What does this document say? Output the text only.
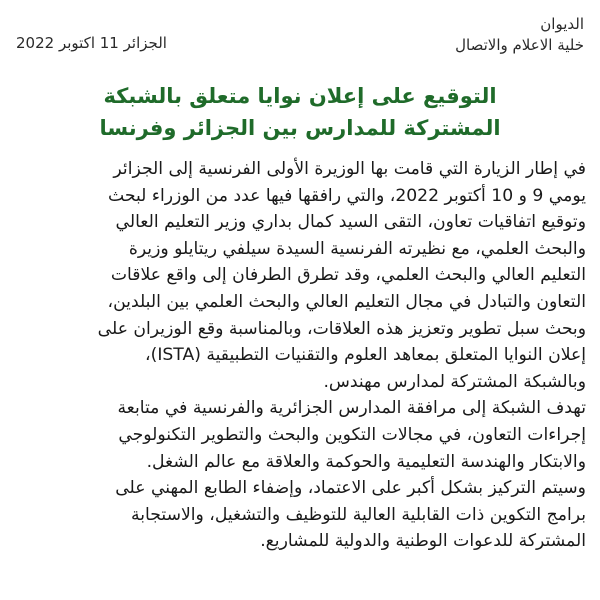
الديوان
خلية الاعلام والاتصال
الجزائر 11 اكتوبر 2022
التوقيع على إعلان نوايا متعلق بالشبكة
المشتركة للمدارس بين الجزائر وفرنسا
في إطار الزيارة التي قامت بها الوزيرة الأولى الفرنسية إلى الجزائر
يومي 9 و 10 أكتوبر 2022، والتي رافقها فيها عدد من الوزراء لبحث
وتوقيع اتفاقيات تعاون، التقى السيد كمال بداري وزير التعليم العالي
والبحث العلمي، مع نظيرته الفرنسية السيدة سيلفي ريتايلو وزيرة
التعليم العالي والبحث العلمي، وقد تطرق الطرفان إلى واقع علاقات
التعاون والتبادل في مجال التعليم العالي والبحث العلمي بين البلدين،
وبحث سبل تطوير وتعزيز هذه العلاقات، وبالمناسبة وقع الوزيران على
إعلان النوايا المتعلق بمعاهد العلوم والتقنيات التطبيقية (ISTA)،
وبالشبكة المشتركة لمدارس مهندس.
تهدف الشبكة إلى مرافقة المدارس الجزائرية والفرنسية في متابعة
إجراءات التعاون، في مجالات التكوين والبحث والتطوير التكنولوجي
والابتكار والهندسة التعليمية والحوكمة والعلاقة مع عالم الشغل.
وسيتم التركيز بشكل أكبر على الاعتماد، وإضفاء الطابع المهني على
برامج التكوين ذات القابلية العالية للتوظيف والتشغيل، والاستجابة
المشتركة للدعوات الوطنية والدولية للمشاريع.
